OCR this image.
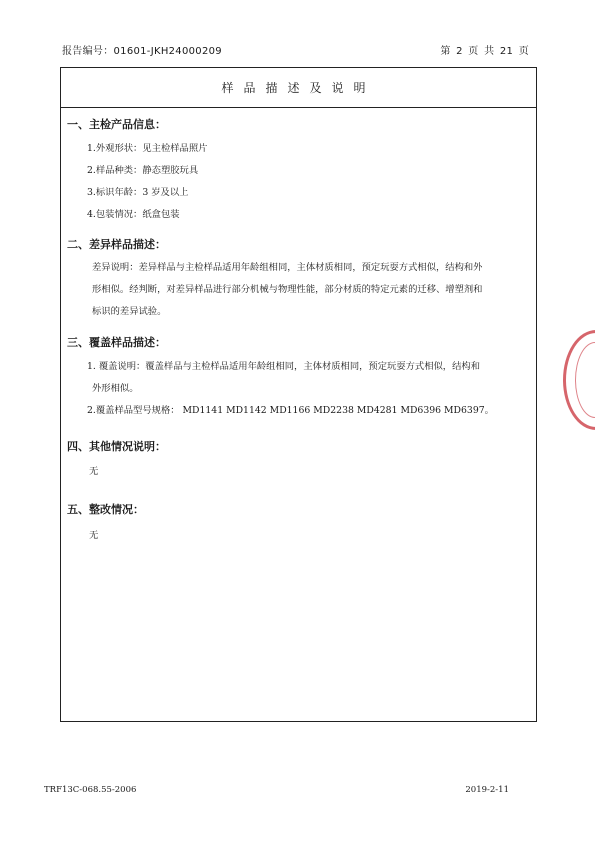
报告编号：01601-JKH24000209	第 2 页 共 21 页
样品描述及说明
一、主检产品信息：
1.外观形状：见主检样品照片
2.样品种类：静态塑胶玩具
3.标识年龄：3 岁及以上
4.包装情况：纸盒包装
二、差异样品描述：
差异说明：差异样品与主检样品适用年龄组相同，主体材质相同，预定玩耍方式相似，结构和外
形相似。经判断，对差异样品进行部分机械与物理性能，部分材质的特定元素的迁移、增塑剂和
标识的差异试验。
三、覆盖样品描述：
1. 覆盖说明：覆盖样品与主检样品适用年龄组相同，主体材质相同，预定玩耍方式相似，结构和
外形相似。
2.覆盖样品型号规格： MD1141 MD1142 MD1166 MD2238 MD4281 MD6396 MD6397。
四、其他情况说明：
无
五、整改情况：
无
TRF13C-068.55-2006	2019-2-11
